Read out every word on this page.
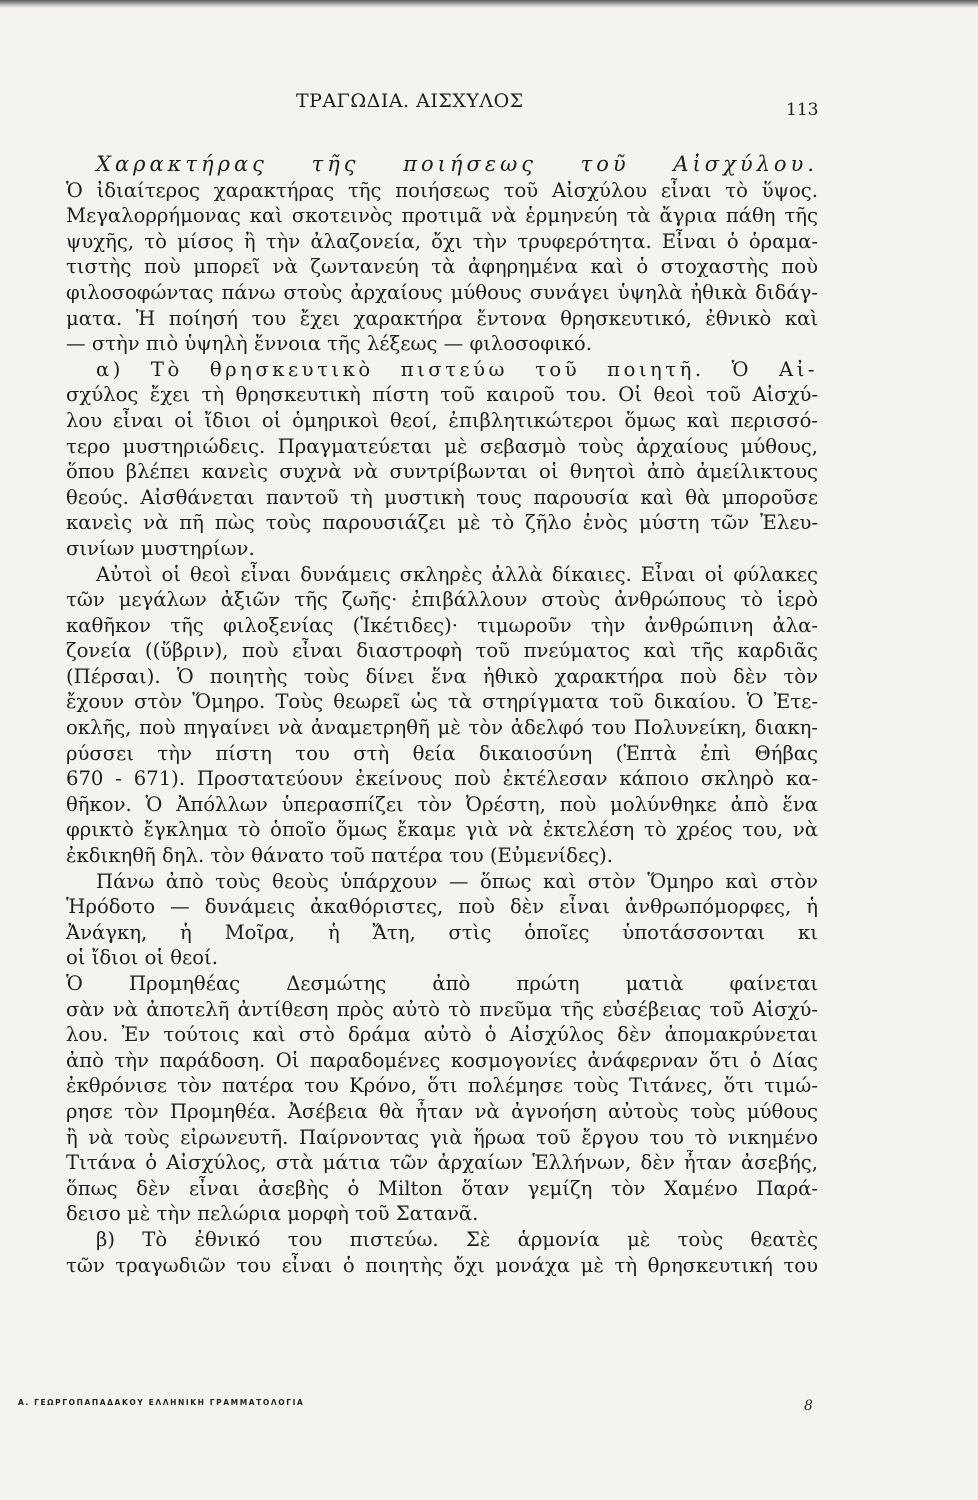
ΤΡΑΓΩΔΙΑ. ΑΙΣΧΥΛΟΣ	113
Χαρακτήρας τῆς ποιήσεως τοῦ Αἰσχύλου.
Ὁ ἰδιαίτερος χαρακτήρας τῆς ποιήσεως τοῦ Αἰσχύλου εἶναι τὸ ὕψος.
Μεγαλορρήμονας καὶ σκοτεινὸς προτιμᾶ νὰ ἑρμηνεύη τὰ ἄγρια πάθη τῆς
ψυχῆς, τὸ μίσος ἢ τὴν ἀλαζονεία, ὄχι τὴν τρυφερότητα. Εἶναι ὁ ὁραμα-
τιστὴς ποὺ μπορεῖ νὰ ζωντανεύη τὰ ἀφηρημένα καὶ ὁ στοχαστὴς ποὺ
φιλοσοφώντας πάνω στοὺς ἀρχαίους μύθους συνάγει ὑψηλὰ ἠθικὰ διδάγ-
ματα. Ἡ ποίησή του ἔχει χαρακτήρα ἔντονα θρησκευτικό, ἐθνικὸ καὶ
— στὴν πιὸ ὑψηλὴ ἔννοια τῆς λέξεως — φιλοσοφικό.
α) Τὸ θρησκευτικὸ πιστεύω τοῦ ποιητῆ. Ὁ Αἰ-
σχύλος ἔχει τὴ θρησκευτικὴ πίστη τοῦ καιροῦ του. Οἱ θεοὶ τοῦ Αἰσχύ-
λου εἶναι οἱ ἴδιοι οἱ ὁμηρικοὶ θεοί, ἐπιβλητικώτεροι ὅμως καὶ περισσό-
τερο μυστηριώδεις. Πραγματεύεται μὲ σεβασμὸ τοὺς ἀρχαίους μύθους,
ὅπου βλέπει κανεὶς συχνὰ νὰ συντρίβωνται οἱ θνητοὶ ἀπὸ ἀμείλικτους
θεούς. Αἰσθάνεται παντοῦ τὴ μυστικὴ τους παρουσία καὶ θὰ μποροῦσε
κανεὶς νὰ πῆ πὼς τοὺς παρουσιάζει μὲ τὸ ζῆλο ἑνὸς μύστη τῶν Ἐλευ-
σινίων μυστηρίων.
Αὐτοὶ οἱ θεοὶ εἶναι δυνάμεις σκληρὲς ἀλλὰ δίκαιες. Εἶναι οἱ φύλακες
τῶν μεγάλων ἀξιῶν τῆς ζωῆς· ἐπιβάλλουν στοὺς ἀνθρώπους τὸ ἱερὸ
καθῆκον τῆς φιλοξενίας (Ἱκέτιδες)· τιμωροῦν τὴν ἀνθρώπινη ἀλα-
ζονεία ((ὕβριν), ποὺ εἶναι διαστροφὴ τοῦ πνεύματος καὶ τῆς καρδιᾶς
(Πέρσαι). Ὁ ποιητὴς τοὺς δίνει ἕνα ἠθικὸ χαρακτήρα ποὺ δὲν τὸν
ἔχουν στὸν Ὅμηρο. Τοὺς θεωρεῖ ὡς τὰ στηρίγματα τοῦ δικαίου. Ὁ Ἐτε-
οκλῆς, ποὺ πηγαίνει νὰ ἀναμετρηθῆ μὲ τὸν ἀδελφό του Πολυνείκη, διακη-
ρύσσει τὴν πίστη του στὴ θεία δικαιοσύνη (Ἑπτὰ ἐπὶ Θήβας
670 - 671). Προστατεύουν ἐκείνους ποὺ ἐκτέλεσαν κάποιο σκληρὸ κα-
θῆκον. Ὁ Ἀπόλλων ὑπερασπίζει τὸν Ὀρέστη, ποὺ μολύνθηκε ἀπὸ ἕνα
φρικτὸ ἔγκλημα τὸ ὁποῖο ὅμως ἔκαμε γιὰ νὰ ἐκτελέση τὸ χρέος του, νὰ
ἐκδικηθῆ δηλ. τὸν θάνατο τοῦ πατέρα του (Εὐμενίδες).
Πάνω ἀπὸ τοὺς θεοὺς ὑπάρχουν — ὅπως καὶ στὸν Ὅμηρο καὶ στὸν
Ἡρόδοτο — δυνάμεις ἀκαθόριστες, ποὺ δὲν εἶναι ἀνθρωπόμορφες, ἡ
Ἀνάγκη, ἡ Μοῖρα, ἡ Ἄτη, στὶς ὁποῖες ὑποτάσσονται κι
οἱ ἴδιοι οἱ θεοί.
Ὁ Προμηθέας Δεσμώτης ἀπὸ πρώτη ματιὰ φαίνεται
σὰν νὰ ἀποτελῆ ἀντίθεση πρὸς αὐτὸ τὸ πνεῦμα τῆς εὐσέβειας τοῦ Αἰσχύ-
λου. Ἐν τούτοις καὶ στὸ δράμα αὐτὸ ὁ Αἰσχύλος δὲν ἀπομακρύνεται
ἀπὸ τὴν παράδοση. Οἱ παραδομένες κοσμογονίες ἀνάφερναν ὅτι ὁ Δίας
ἐκθρόνισε τὸν πατέρα του Κρόνο, ὅτι πολέμησε τοὺς Τιτάνες, ὅτι τιμώ-
ρησε τὸν Προμηθέα. Ἀσέβεια θὰ ἦταν νὰ ἀγνοήση αὐτοὺς τοὺς μύθους
ἢ νὰ τοὺς εἰρωνευτῆ. Παίρνοντας γιὰ ἥρωα τοῦ ἔργου του τὸ νικημένο
Τιτάνα ὁ Αἰσχύλος, στὰ μάτια τῶν ἀρχαίων Ἑλλήνων, δὲν ἦταν ἀσεβής,
ὅπως δὲν εἶναι ἀσεβὴς ὁ Milton ὅταν γεμίζη τὸν Χαμένο Παρά-
δεισο μὲ τὴν πελώρια μορφὴ τοῦ Σατανᾶ.
β) Τὸ ἐθνικό του πιστεύω. Σὲ ἁρμονία μὲ τοὺς θεατὲς
τῶν τραγωδιῶν του εἶναι ὁ ποιητὴς ὄχι μονάχα μὲ τὴ θρησκευτική του
Α. ΓΕΩΡΓΟΠΑΠΑΔΑΚΟΥ ΕΛΛΗΝΙΚΗ ΓΡΑΜΜΑΤΟΛΟΓΙΑ	8
